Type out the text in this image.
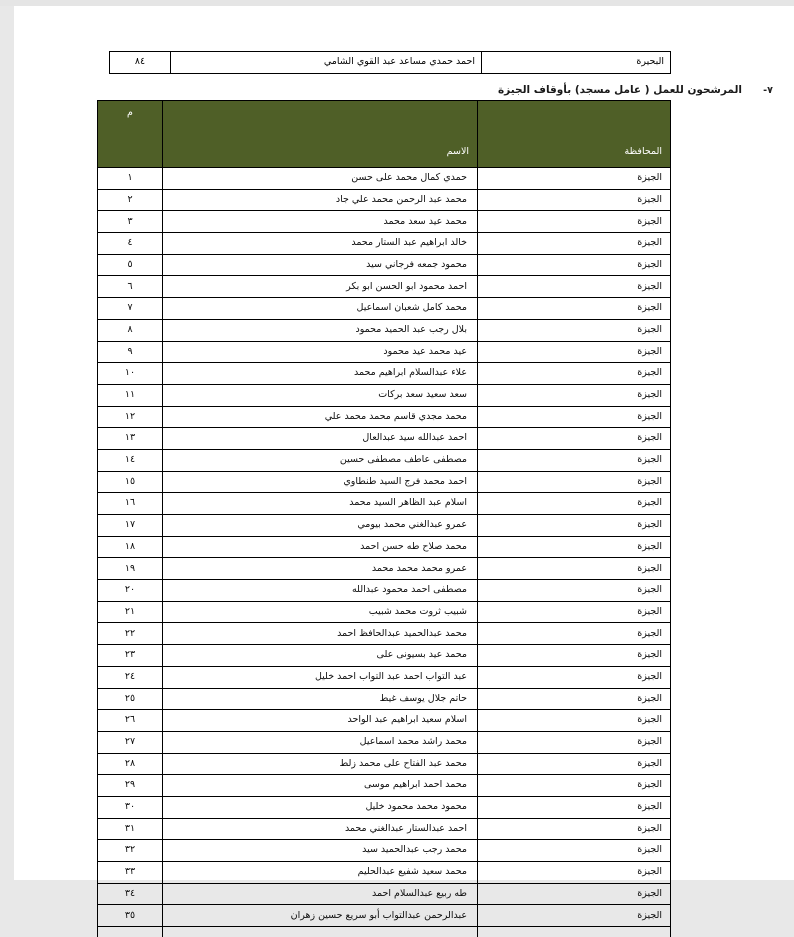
البحيرة	احمد حمدي مساعد عبد القوي الشامي	٨٤
-٧
المرشحون للعمل ( عامل مسجد) بأوقاف الجيزة
المحافظة	الاسم	م
الجيزة	حمدي كمال محمد على حسن	١
الجيزة	محمد عبد الرحمن محمد علي جاد	٢
الجيزة	محمد عيد سعد محمد	٣
الجيزة	خالد ابراهيم عبد الستار محمد	٤
الجيزة	محمود جمعه فرجاني سيد	٥
الجيزة	احمد محمود ابو الحسن ابو بكر	٦
الجيزة	محمد كامل شعبان اسماعيل	٧
الجيزة	بلال رجب عبد الحميد محمود	٨
الجيزة	عيد محمد عيد محمود	٩
الجيزة	علاء عبدالسلام ابراهيم محمد	١٠
الجيزة	سعد سعيد سعد بركات	١١
الجيزة	محمد مجدي قاسم محمد محمد علي	١٢
الجيزة	احمد عبدالله سيد عبدالعال	١٣
الجيزة	مصطفى عاطف مصطفى حسين	١٤
الجيزة	احمد محمد فرج السيد طنطاوي	١٥
الجيزة	اسلام عبد الظاهر السيد محمد	١٦
الجيزة	عمرو عبدالغني محمد بيومي	١٧
الجيزة	محمد صلاح طه حسن احمد	١٨
الجيزة	عمرو محمد محمد محمد	١٩
الجيزة	مصطفى احمد محمود عبدالله	٢٠
الجيزة	شبيب ثروت محمد شبيب	٢١
الجيزة	محمد عبدالحميد عبدالحافظ احمد	٢٢
الجيزة	محمد عيد بسيونى على	٢٣
الجيزة	عبد التواب احمد عبد التواب احمد خليل	٢٤
الجيزة	حاتم جلال يوسف غيط	٢٥
الجيزة	اسلام سعيد ابراهيم عبد الواحد	٢٦
الجيزة	محمد راشد محمد اسماعيل	٢٧
الجيزة	محمد عبد الفتاح على محمد زلط	٢٨
الجيزة	محمد احمد ابراهيم موسى	٢٩
الجيزة	محمود محمد محمود خليل	٣٠
الجيزة	احمد عبدالستار عبدالغني محمد	٣١
الجيزة	محمد رجب عبدالحميد سيد	٣٢
الجيزة	محمد سعيد شفيع عبدالحليم	٣٣
الجيزة	طه ربيع عبدالسلام احمد	٣٤
الجيزة	عبدالرحمن عبدالتواب أبو سريع حسين زهران	٣٥
